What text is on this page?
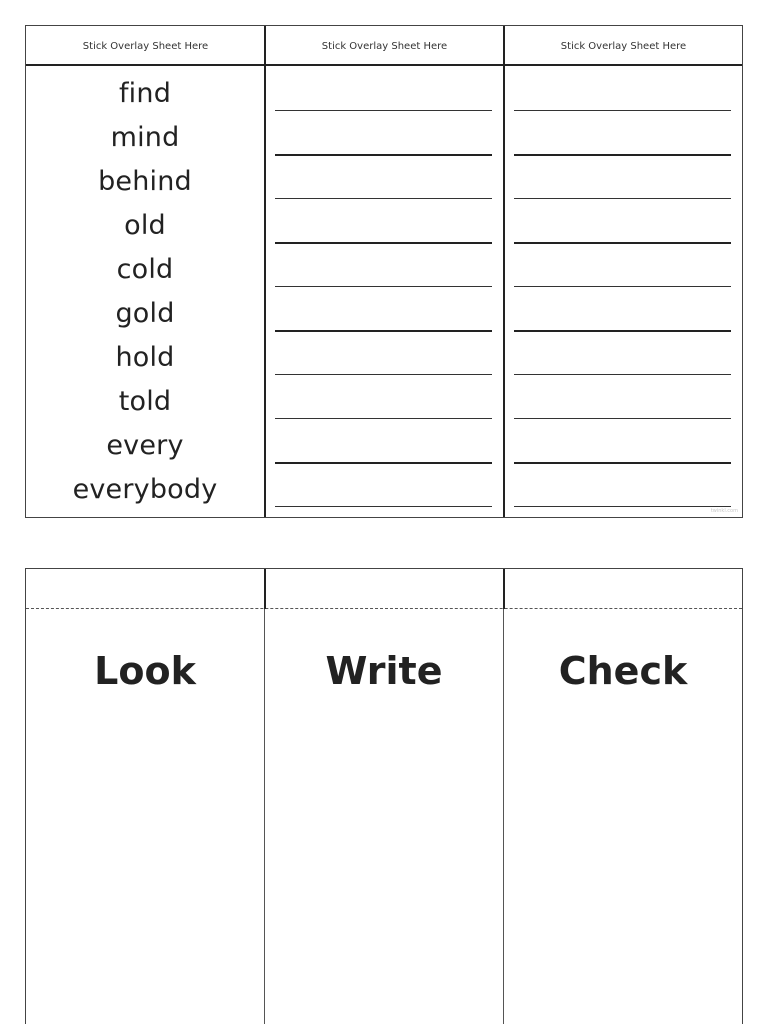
Stick Overlay Sheet Here	Stick Overlay Sheet Here	Stick Overlay Sheet Here
find
mind
behind
old
cold
gold
hold
told
every
everybody
twinkl.com
Look	Write	Check
